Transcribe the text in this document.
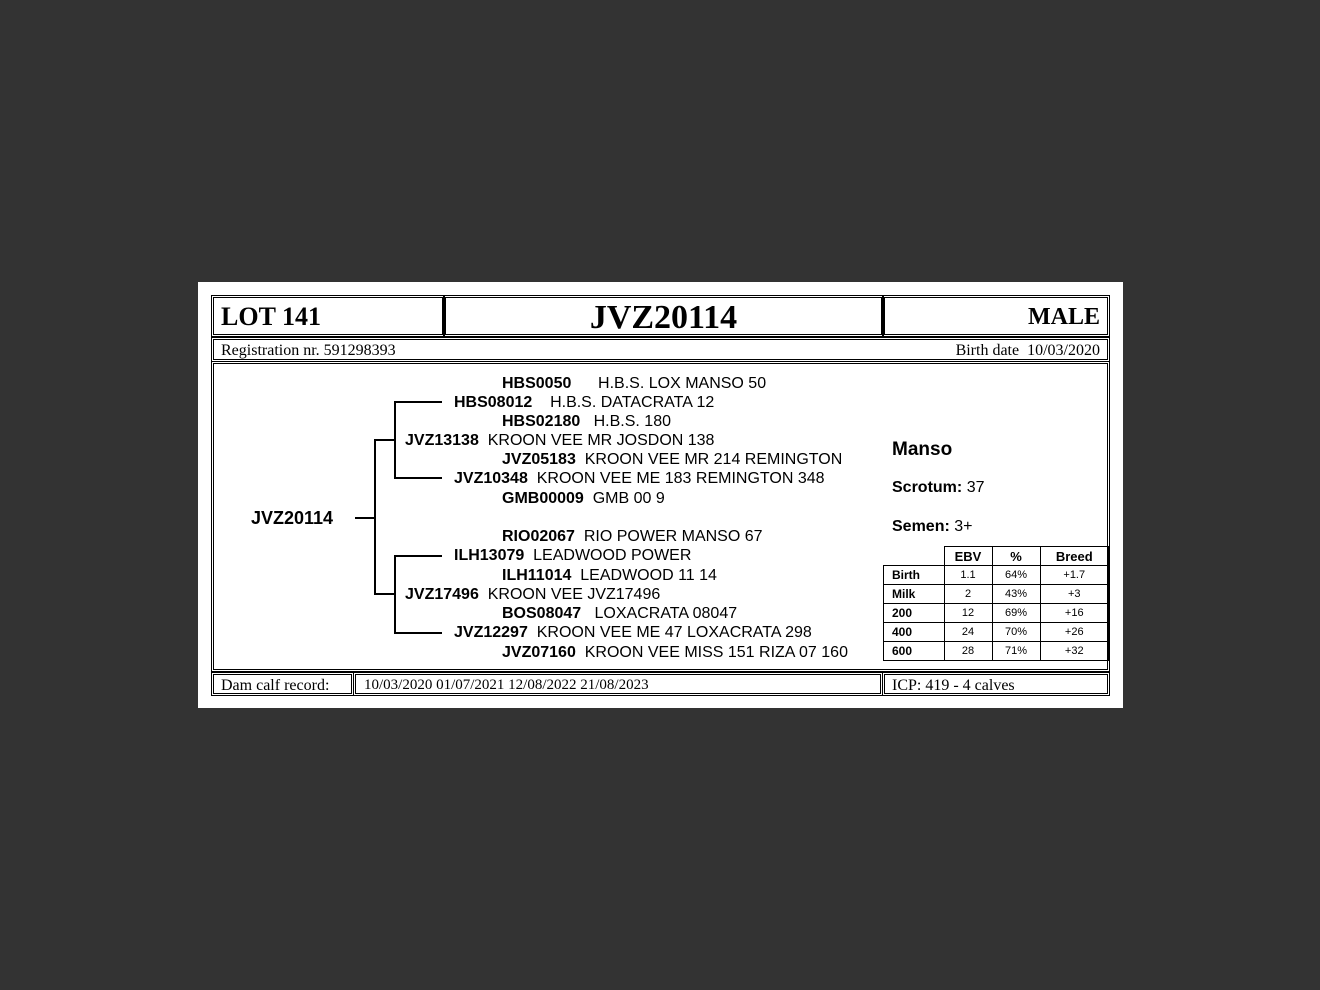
LOT 141	JVZ20114	MALE
Registration nr. 591298393	Birth date 10/03/2020
JVZ20114
HBS0050 H.B.S. LOX MANSO 50
HBS08012 H.B.S. DATACRATA 12
HBS02180 H.B.S. 180
JVZ13138 KROON VEE MR JOSDON 138
JVZ05183 KROON VEE MR 214 REMINGTON
JVZ10348 KROON VEE ME 183 REMINGTON 348
GMB00009 GMB 00 9
RIO02067 RIO POWER MANSO 67
ILH13079 LEADWOOD POWER
ILH11014 LEADWOOD 11 14
JVZ17496 KROON VEE JVZ17496
BOS08047 LOXACRATA 08047
JVZ12297 KROON VEE ME 47 LOXACRATA 298
JVZ07160 KROON VEE MISS 151 RIZA 07 160
Manso
Scrotum: 37
Semen: 3+
	EBV	%	Breed
Birth	1.1	64%	+1.7
Milk	2	43%	+3
200	12	69%	+16
400	24	70%	+26
600	28	71%	+32
Dam calf record: 10/03/2020 01/07/2021 12/08/2022 21/08/2023	ICP: 419 - 4 calves
